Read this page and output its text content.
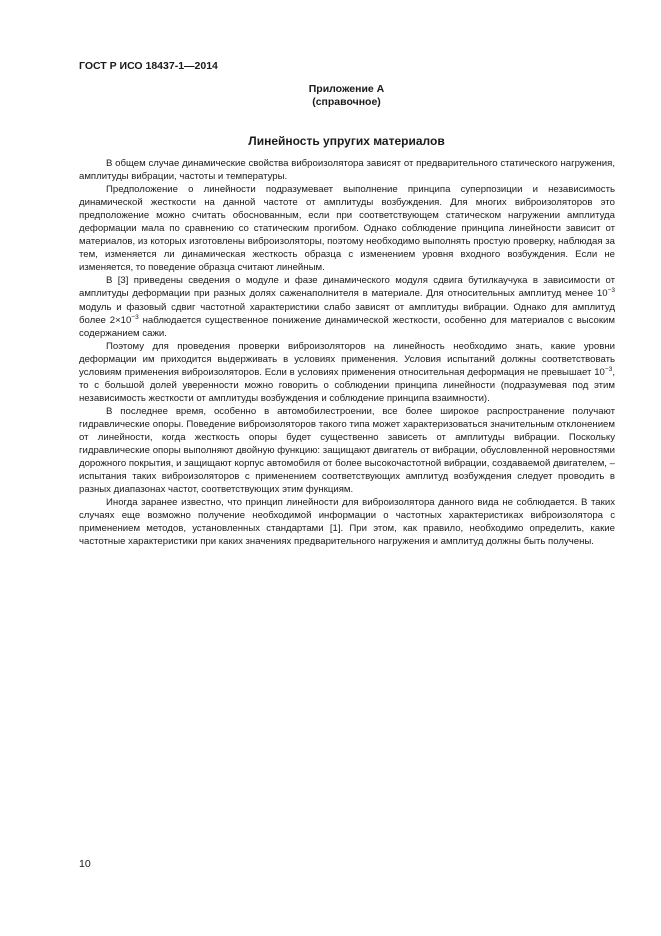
ГОСТ Р ИСО 18437-1—2014
Приложение А
(справочное)
Линейность упругих материалов

В общем случае динамические свойства виброизолятора зависят от предварительного статического нагружения, амплитуды вибрации, частоты и температуры.

Предположение о линейности подразумевает выполнение принципа суперпозиции и независимость динамической жесткости на данной частоте от амплитуды возбуждения. Для многих виброизоляторов это предположение можно считать обоснованным, если при соответствующем статическом нагружении амплитуда деформации мала по сравнению со статическим прогибом. Однако соблюдение принципа линейности зависит от материалов, из которых изготовлены виброизоляторы, поэтому необходимо выполнять простую проверку, наблюдая за тем, изменяется ли динамическая жесткость образца с изменением уровня входного возбуждения. Если не изменяется, то поведение образца считают линейным.

В [3] приведены сведения о модуле и фазе динамического модуля сдвига бутилкаучука в зависимости от амплитуды деформации при разных долях саженаполнителя в материале. Для относительных амплитуд менее $10^{-3}$ модуль и фазовый сдвиг частотной характеристики слабо зависят от амплитуды вибрации. Однако для амплитуд более $2\times 10^{-3}$ наблюдается существенное понижение динамической жесткости, особенно для материалов с высоким содержанием сажи.

Поэтому для проведения проверки виброизоляторов на линейность необходимо знать, какие уровни деформации им приходится выдерживать в условиях применения. Условия испытаний должны соответствовать условиям применения виброизоляторов. Если в условиях применения относительная деформация не превышает $10^{-3}$, то с большой долей уверенности можно говорить о соблюдении принципа линейности (подразумевая под этим независимость жесткости от амплитуды возбуждения и соблюдение принципа взаимности).

В последнее время, особенно в автомобилестроении, все более широкое распространение получают гидравлические опоры. Поведение виброизоляторов такого типа может характеризоваться значительным отклонением от линейности, когда жесткость опоры будет существенно зависеть от амплитуды вибрации. Поскольку гидравлические опоры выполняют двойную функцию: защищают двигатель от вибрации, обусловленной неровностями дорожного покрытия, и защищают корпус автомобиля от более высокочастотной вибрации, создаваемой двигателем, – испытания таких виброизоляторов с применением соответствующих амплитуд возбуждения следует проводить в разных диапазонах частот, соответствующих этим функциям.

Иногда заранее известно, что принцип линейности для виброизолятора данного вида не соблюдается. В таких случаях еще возможно получение необходимой информации о частотных характеристиках виброизолятора с применением методов, установленных стандартами [1]. При этом, как правило, необходимо определить, какие частотные характеристики при каких значениях предварительного нагружения и амплитуд должны быть получены.

10
